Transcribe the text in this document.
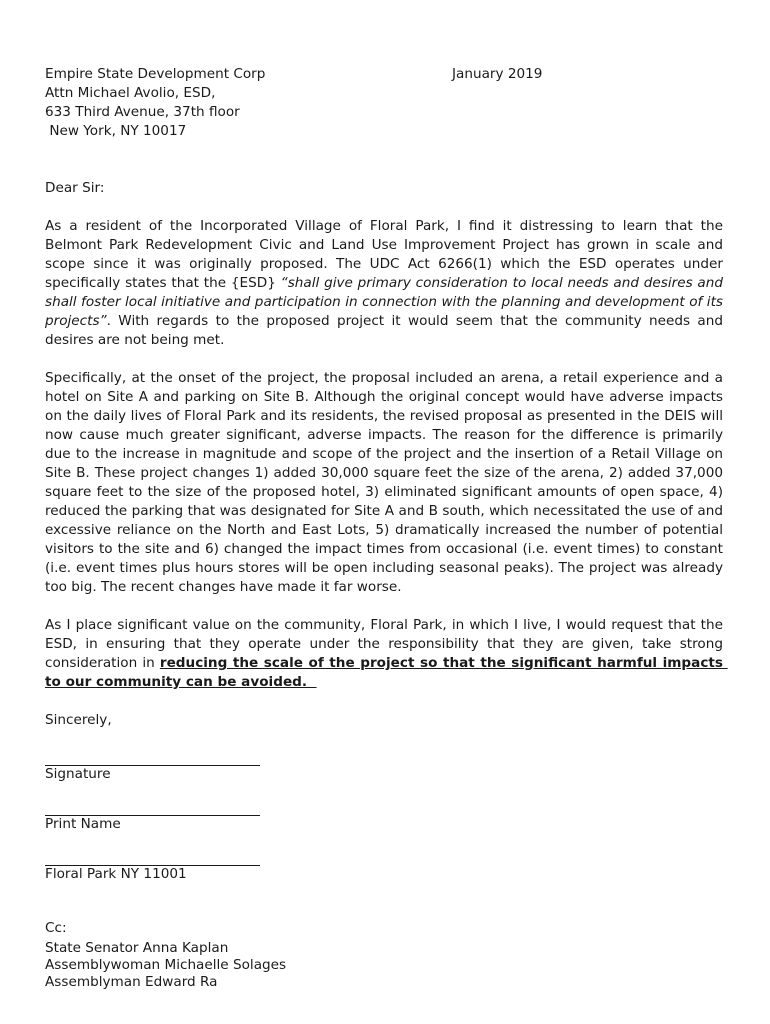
Empire State Development Corp
Attn Michael Avolio, ESD,
633 Third Avenue, 37th floor
New York, NY 10017
January 2019
Dear Sir:
As a resident of the Incorporated Village of Floral Park, I find it distressing to learn that the Belmont Park Redevelopment Civic and Land Use Improvement Project has grown in scale and scope since it was originally proposed. The UDC Act 6266(1) which the ESD operates under specifically states that the {ESD} “shall give primary consideration to local needs and desires and shall foster local initiative and participation in connection with the planning and development of its projects”. With regards to the proposed project it would seem that the community needs and desires are not being met.
Specifically, at the onset of the project, the proposal included an arena, a retail experience and a hotel on Site A and parking on Site B. Although the original concept would have adverse impacts on the daily lives of Floral Park and its residents, the revised proposal as presented in the DEIS will now cause much greater significant, adverse impacts. The reason for the difference is primarily due to the increase in magnitude and scope of the project and the insertion of a Retail Village on Site B. These project changes 1) added 30,000 square feet the size of the arena, 2) added 37,000 square feet to the size of the proposed hotel, 3) eliminated significant amounts of open space, 4) reduced the parking that was designated for Site A and B south, which necessitated the use of and excessive reliance on the North and East Lots, 5) dramatically increased the number of potential visitors to the site and 6) changed the impact times from occasional (i.e. event times) to constant (i.e. event times plus hours stores will be open including seasonal peaks). The project was already too big. The recent changes have made it far worse.
As I place significant value on the community, Floral Park, in which I live, I would request that the ESD, in ensuring that they operate under the responsibility that they are given, take strong consideration in reducing the scale of the project so that the significant harmful impacts to our community can be avoided.
Sincerely,
Signature
Print Name
Floral Park NY 11001
Cc:
State Senator Anna Kaplan
Assemblywoman Michaelle Solages
Assemblyman Edward Ra
